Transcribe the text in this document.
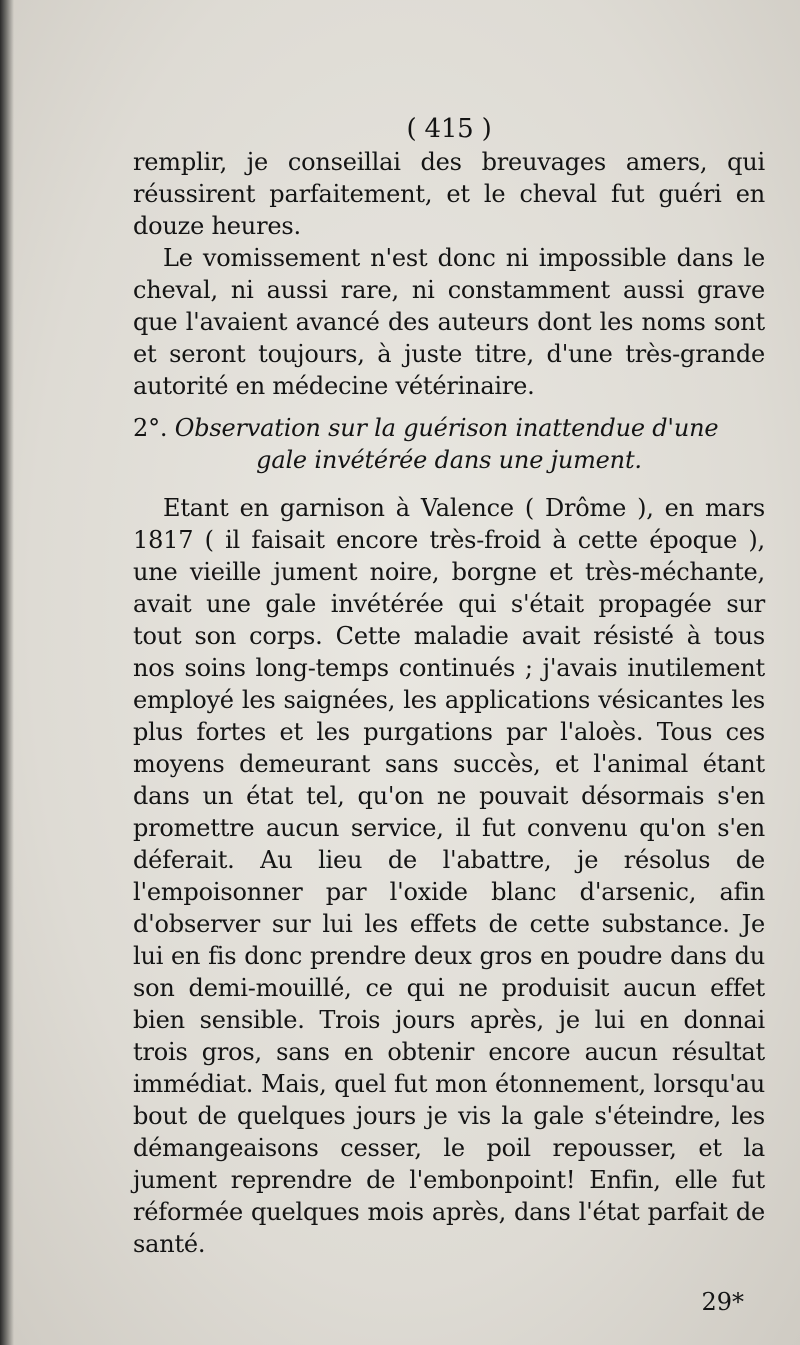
( 415 )

remplir, je conseillai des breuvages amers, qui réussirent parfaitement, et le cheval fut guéri en douze heures.

Le vomissement n'est donc ni impossible dans le cheval, ni aussi rare, ni constamment aussi grave que l'avaient avancé des auteurs dont les noms sont et seront toujours, à juste titre, d'une très-grande autorité en médecine vétérinaire.

2°. Observation sur la guérison inattendue d'une
gale invétérée dans une jument.

Etant en garnison à Valence ( Drôme ), en mars 1817 ( il faisait encore très-froid à cette époque ), une vieille jument noire, borgne et très-méchante, avait une gale invétérée qui s'était propagée sur tout son corps. Cette maladie avait résisté à tous nos soins long-temps continués ; j'avais inutilement employé les saignées, les applications vésicantes les plus fortes et les purgations par l'aloès. Tous ces moyens demeurant sans succès, et l'animal étant dans un état tel, qu'on ne pouvait désormais s'en promettre aucun service, il fut convenu qu'on s'en déferait. Au lieu de l'abattre, je résolus de l'empoisonner par l'oxide blanc d'arsenic, afin d'observer sur lui les effets de cette substance. Je lui en fis donc prendre deux gros en poudre dans du son demi-mouillé, ce qui ne produisit aucun effet bien sensible. Trois jours après, je lui en donnai trois gros, sans en obtenir encore aucun résultat immédiat. Mais, quel fut mon étonnement, lorsqu'au bout de quelques jours je vis la gale s'éteindre, les démangeaisons cesser, le poil repousser, et la jument reprendre de l'embonpoint! Enfin, elle fut réformée quelques mois après, dans l'état parfait de santé.

29*
